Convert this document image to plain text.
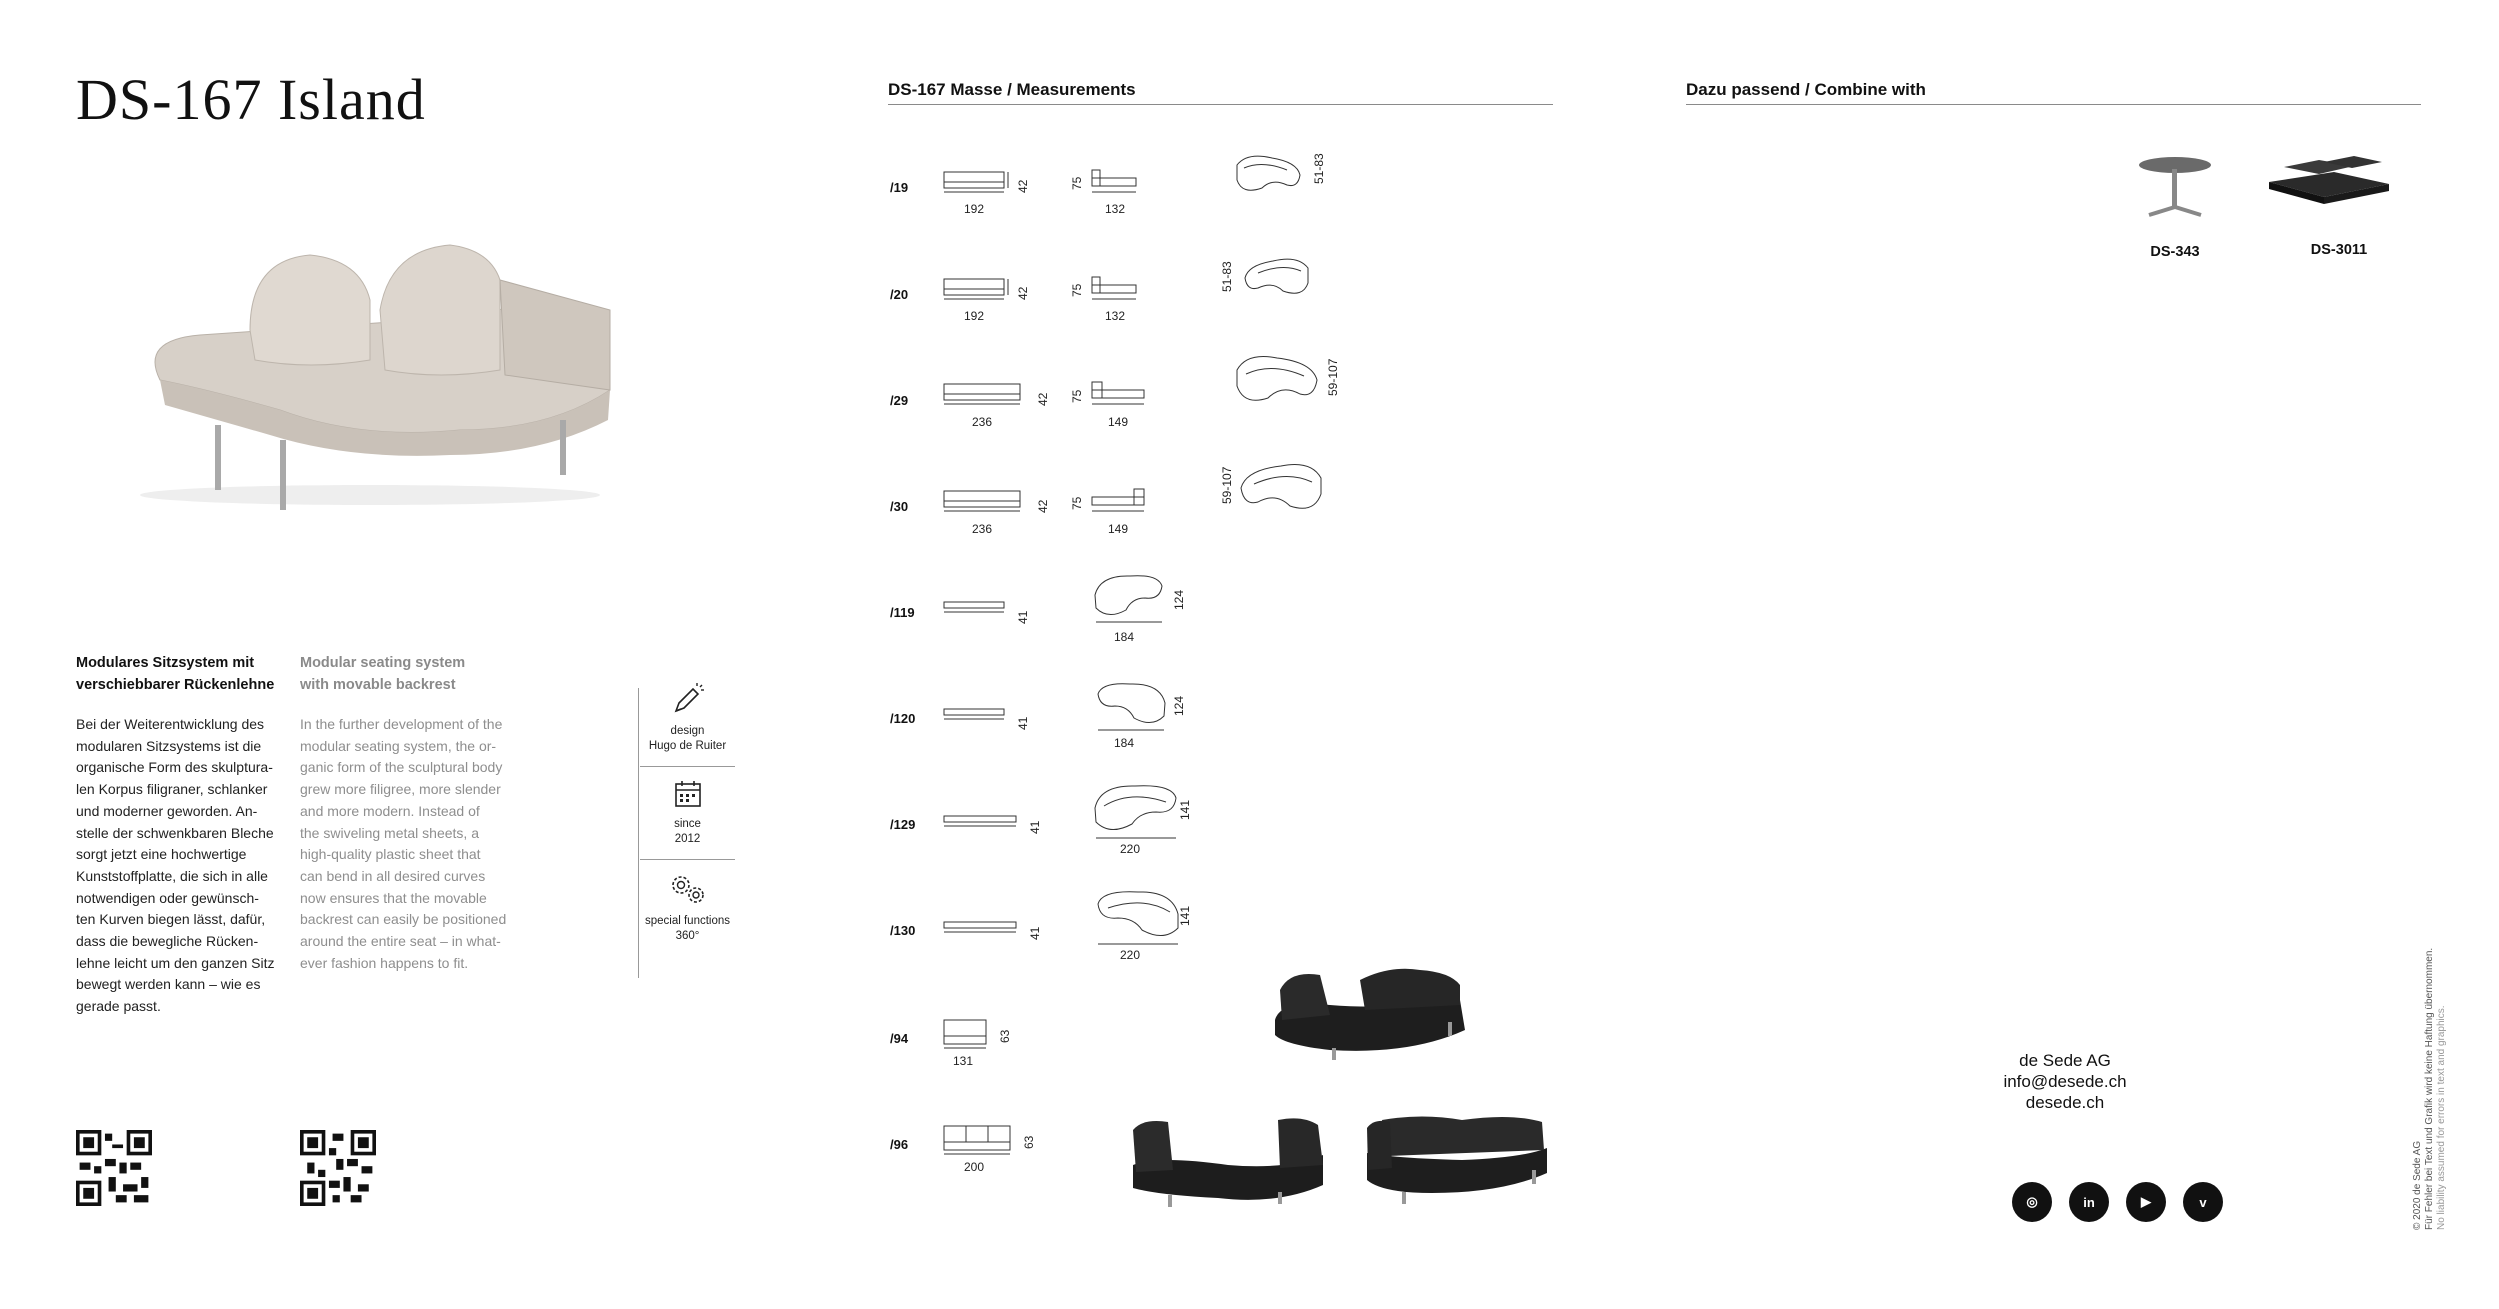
DS-167 Island
Modulares Sitzsystem mit
verschiebbarer Rückenlehne
Modular seating system
with movable backrest
Bei der Weiterentwicklung des
modularen Sitzsystems ist die
organische Form des skulptura-
len Korpus filigraner, schlanker
und moderner geworden. An-
stelle der schwenkbaren Bleche
sorgt jetzt eine hochwertige
Kunststoffplatte, die sich in alle
notwendigen oder gewünsch-
ten Kurven biegen lässt, dafür,
dass die bewegliche Rücken-
lehne leicht um den ganzen Sitz
bewegt werden kann – wie es
gerade passt.
In the further development of the
modular seating system, the or-
ganic form of the sculptural body
grew more filigree, more slender
and more modern. Instead of
the swiveling metal sheets, a
high-quality plastic sheet that
can bend in all desired curves
now ensures that the movable
backrest can easily be positioned
around the entire seat – in what-
ever fashion happens to fit.
design
Hugo de Ruiter
since
2012
special functions
360°
DS-167 Masse / Measurements
/19
192
42	75
132
51-83
/20
192
42	75
132
51-83
/29
236
42 75
149
59-107
/30
236
42 75
149
59-107
/119	41
184
124
/120	41
184
124
/129	41
220
141
/130	41
220
141
/94
131
63
/96
200
63
Dazu passend / Combine with
DS-343	DS-3011
de Sede AG
info@desede.ch
desede.ch
◎	in	▶	v	© 2020 de Sede AG Für Fehler bei Text und Grafik wird keine Haftung übernommen. No liability assumed for errors in text and graphics.
